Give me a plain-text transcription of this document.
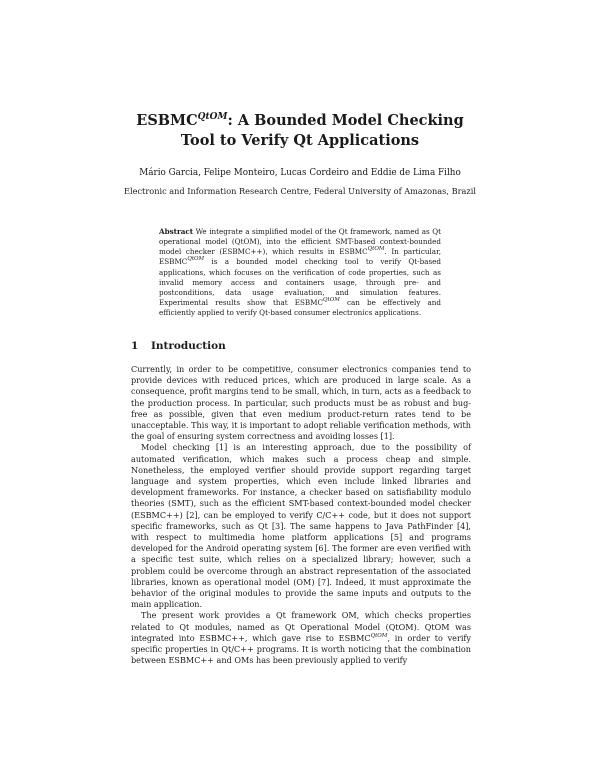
$ESBMC^{QtOM}$: A Bounded Model Checking
Tool to Verify Qt Applications
Mário Garcia, Felipe Monteiro, Lucas Cordeiro and Eddie de Lima Filho
Electronic and Information Research Centre, Federal University of Amazonas, Brazil
Abstract We integrate a simplified model of the Qt framework, named as Qt operational model (QtOM), into the efficient SMT-based context-bounded model checker (ESBMC++), which results in $ESBMC^{QtOM}$. In particular, $ESBMC^{QtOM}$ is a bounded model checking tool to verify Qt-based applications, which focuses on the verification of code properties, such as invalid memory access and containers usage, through pre- and postconditions, data usage evaluation, and simulation features. Experimental results show that $ESBMC^{QtOM}$ can be effectively and efficiently applied to verify Qt-based consumer electronics applications.
1 Introduction

Currently, in order to be competitive, consumer electronics companies tend to provide devices with reduced prices, which are produced in large scale. As a consequence, profit margins tend to be small, which, in turn, acts as a feedback to the production process. In particular, such products must be as robust and bug-free as possible, given that even medium product-return rates tend to be unacceptable. This way, it is important to adopt reliable verification methods, with the goal of ensuring system correctness and avoiding losses [1].

Model checking [1] is an interesting approach, due to the possibility of automated verification, which makes such a process cheap and simple. Nonetheless, the employed verifier should provide support regarding target language and system properties, which even include linked libraries and development frameworks. For instance, a checker based on satisfiability modulo theories (SMT), such as the efficient SMT-based context-bounded model checker (ESBMC++) [2], can be employed to verify C/C++ code, but it does not support specific frameworks, such as Qt [3]. The same happens to Java PathFinder [4], with respect to multimedia home platform applications [5] and programs developed for the Android operating system [6]. The former are even verified with a specific test suite, which relies on a specialized library; however, such a problem could be overcome through an abstract representation of the associated libraries, known as operational model (OM) [7]. Indeed, it must approximate the behavior of the original modules to provide the same inputs and outputs to the main application.

The present work provides a Qt framework OM, which checks properties related to Qt modules, named as Qt Operational Model (QtOM). QtOM was integrated into ESBMC++, which gave rise to $ESBMC^{QtOM}$, in order to verify specific properties in Qt/C++ programs. It is worth noticing that the combination between ESBMC++ and OMs has been previously applied to verify
